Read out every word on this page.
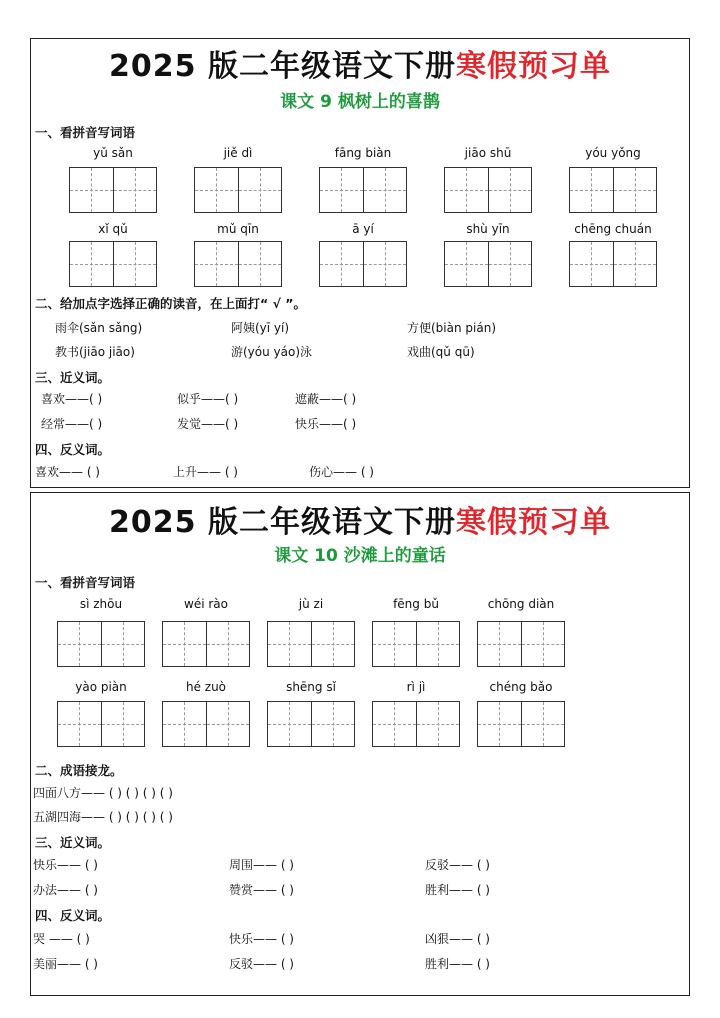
2025 版二年级语文下册寒假预习单
课文 9 枫树上的喜鹊
一、看拼音写词语
yǔ sǎn	jiě dì	fāng biàn	jiāo shū	yóu yǒng
xǐ qǔ	mǔ qīn	ā yí	shù yīn	chēng chuán
二、给加点字选择正确的读音，在上面打“ √ ”。
雨伞(sǎn sǎng)	阿姨(yī yí)	方便(biàn pián)
教书(jiāo jiāo)	游(yóu yáo)泳	戏曲(qǔ qū)
三、近义词。
喜欢——( )	似乎——( )	遮蔽——( )
经常——( )	发觉——( )	快乐——( )
四、反义词。
喜欢—— ( )	上升—— ( )	伤心—— ( )
2025 版二年级语文下册寒假预习单
课文 10 沙滩上的童话
一、看拼音写词语
sì zhōu	wéi rào	jù zi	fēng bǔ	chōng diàn
yào piàn	hé zuò	shēng sǐ	rì jì	chéng bǎo
二、成语接龙。
四面八方—— ( ) ( ) ( ) ( )
五湖四海—— ( ) ( ) ( ) ( )
三、近义词。
快乐—— ( )	周围—— ( )	反驳—— ( )
办法—— ( )	赞赏—— ( )	胜利—— ( )
四、反义词。
哭 —— ( )	快乐—— ( )	凶狠—— ( )
美丽—— ( )	反驳—— ( )	胜利—— ( )
